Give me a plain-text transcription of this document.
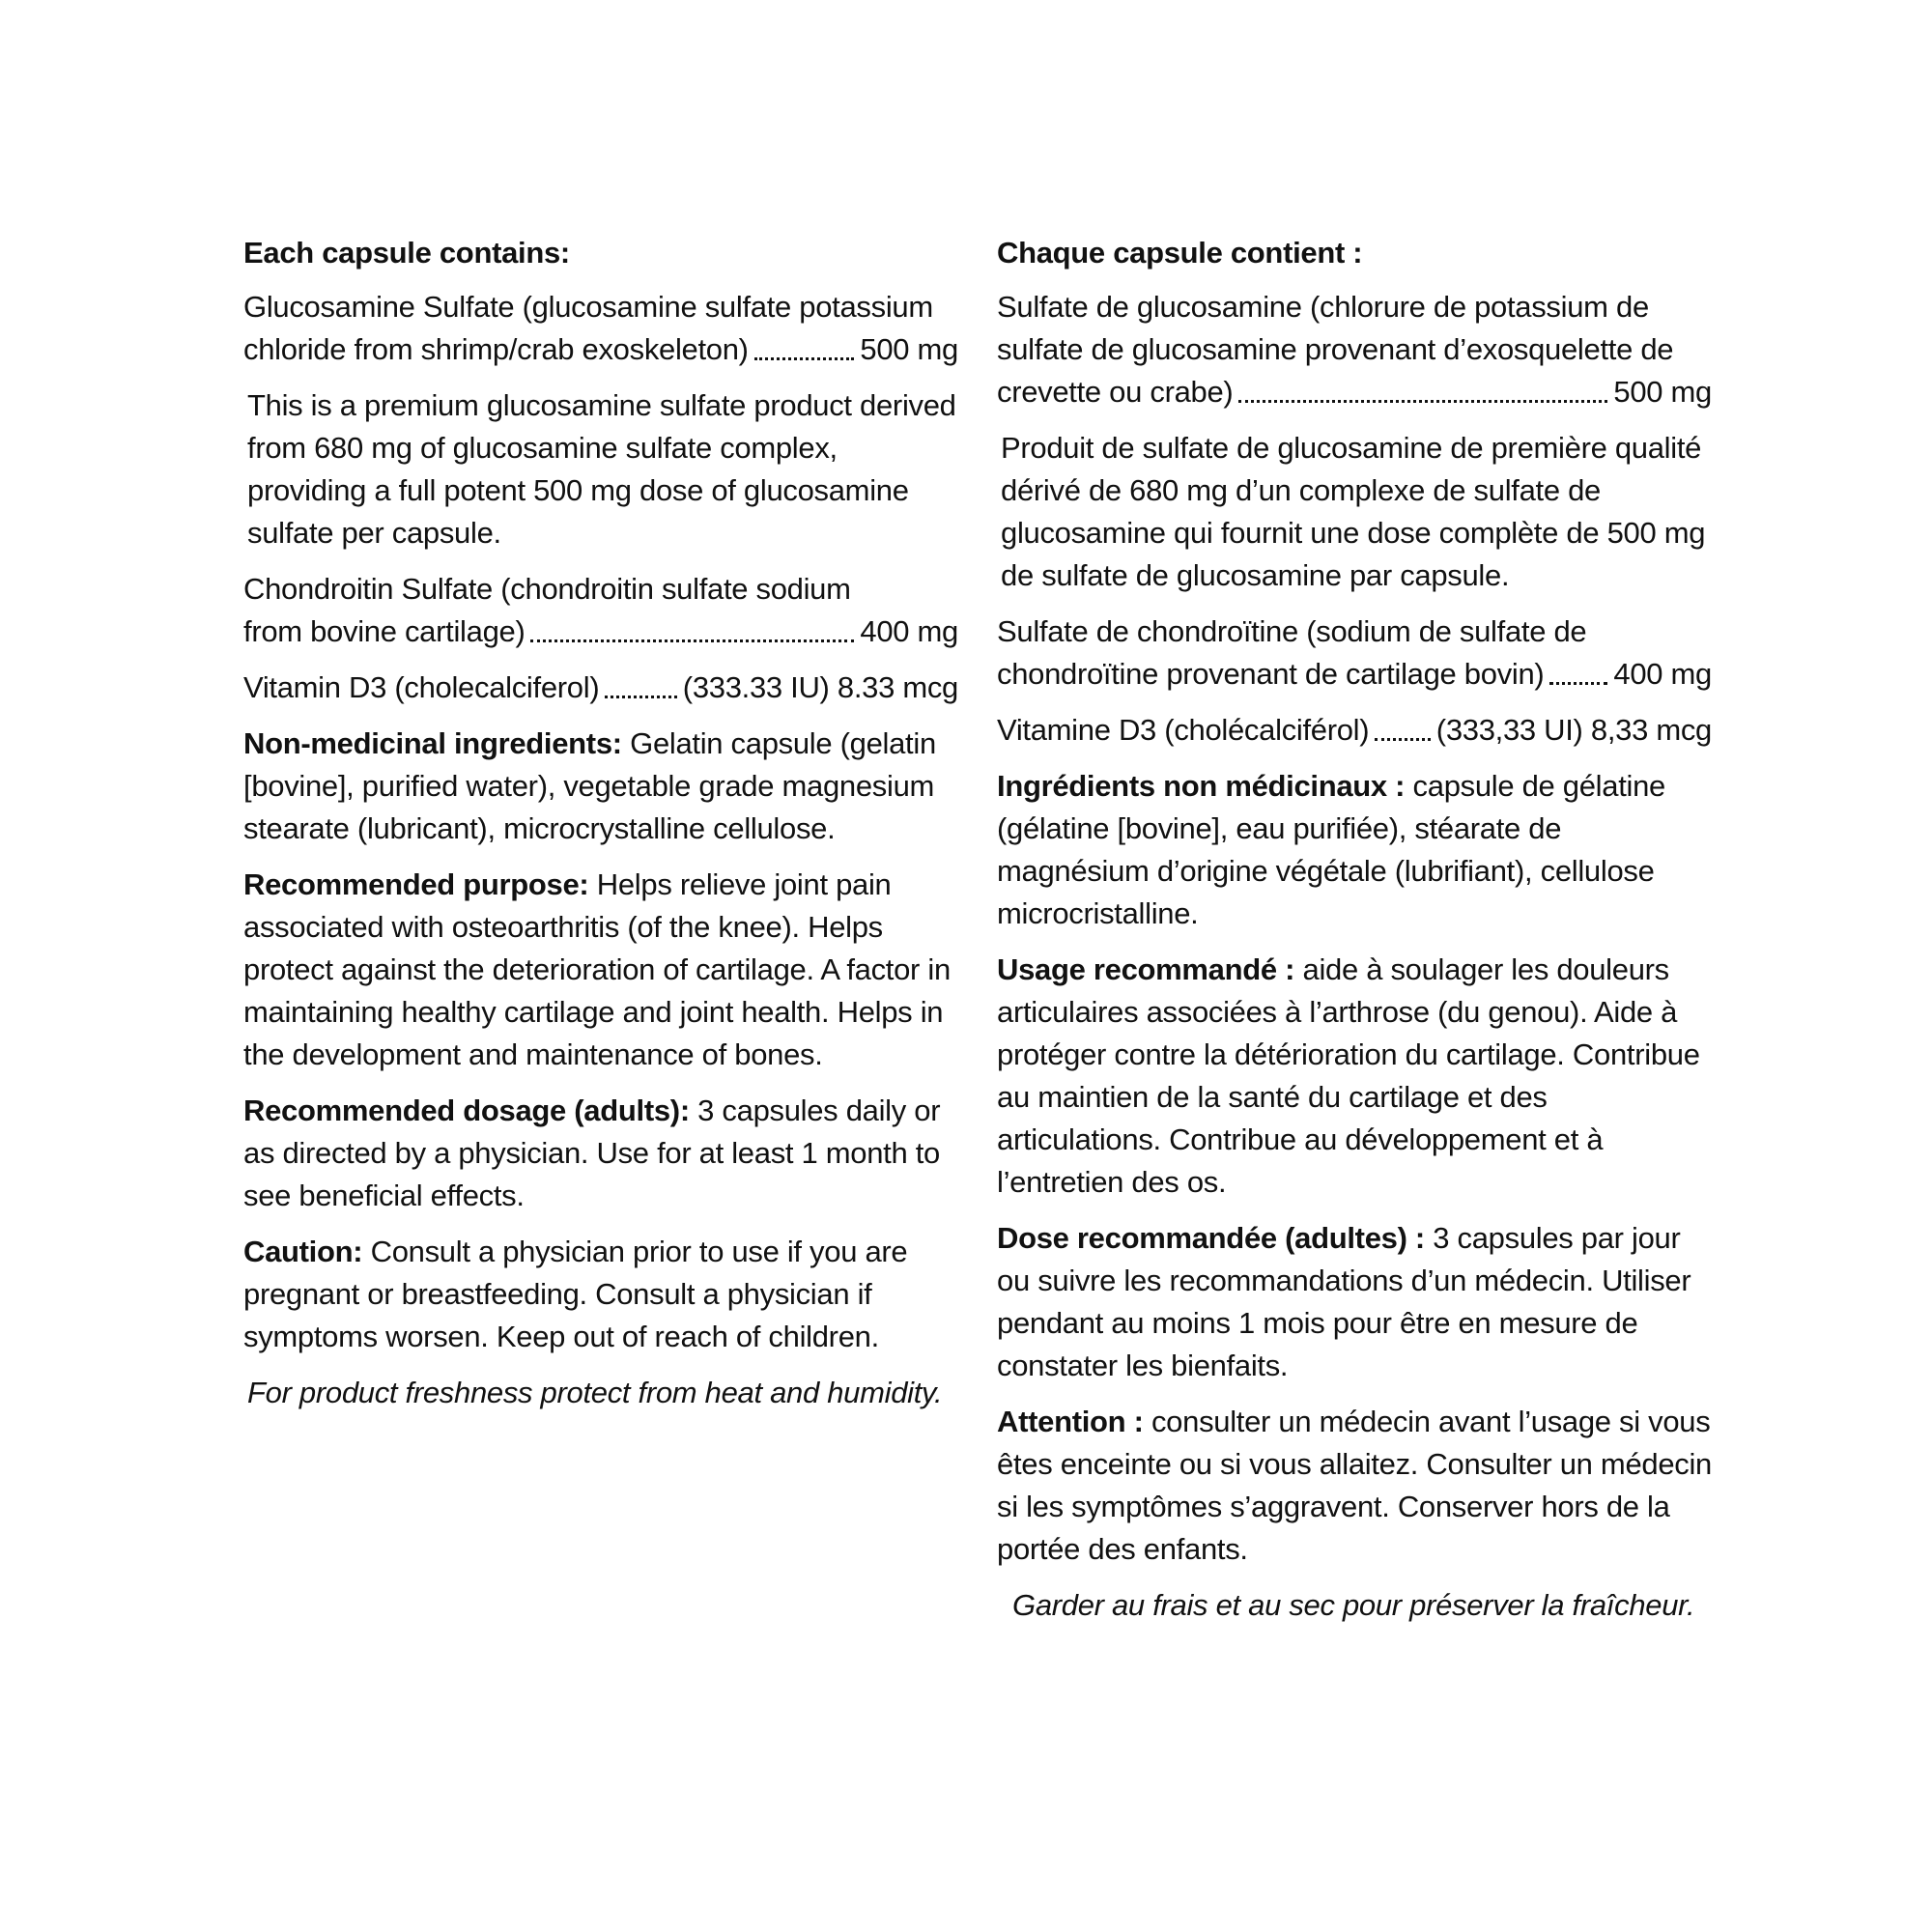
Each capsule contains:
Glucosamine Sulfate (glucosamine sulfate potassium
chloride from shrimp/crab exoskeleton)	500 mg
This is a premium glucosamine sulfate product derived from 680 mg of glucosamine sulfate complex, providing a full potent 500 mg dose of glucosamine sulfate per capsule.
Chondroitin Sulfate (chondroitin sulfate sodium
from bovine cartilage)	400 mg
Vitamin D3 (cholecalciferol)	(333.33 IU) 8.33 mcg
Non-medicinal ingredients: Gelatin capsule (gelatin [bovine], purified water), vegetable grade magnesium stearate (lubricant), microcrystalline cellulose.
Recommended purpose: Helps relieve joint pain associated with osteoarthritis (of the knee). Helps protect against the deterioration of cartilage. A factor in maintaining healthy cartilage and joint health. Helps in the development and maintenance of bones.
Recommended dosage (adults): 3 capsules daily or as directed by a physician. Use for at least 1 month to see beneficial effects.
Caution: Consult a physician prior to use if you are pregnant or breastfeeding. Consult a physician if symptoms worsen. Keep out of reach of children.
For product freshness protect from heat and humidity.
Chaque capsule contient :
Sulfate de glucosamine (chlorure de potassium de
sulfate de glucosamine provenant d’exosquelette de
crevette ou crabe)	500 mg
Produit de sulfate de glucosamine de première qualité dérivé de 680 mg d’un complexe de sulfate de glucosamine qui fournit une dose complète de 500 mg de sulfate de glucosamine par capsule.
Sulfate de chondroïtine (sodium de sulfate de
chondroïtine provenant de cartilage bovin) 400 mg
Vitamine D3 (cholécalciférol) (333,33 UI) 8,33 mcg
Ingrédients non médicinaux : capsule de gélatine (gélatine [bovine], eau purifiée), stéarate de magnésium d’origine végétale (lubrifiant), cellulose microcristalline.
Usage recommandé : aide à soulager les douleurs articulaires associées à l’arthrose (du genou). Aide à protéger contre la détérioration du cartilage. Contribue au maintien de la santé du cartilage et des articulations. Contribue au développement et à l’entretien des os.
Dose recommandée (adultes) : 3 capsules par jour ou suivre les recommandations d’un médecin. Utiliser pendant au moins 1 mois pour être en mesure de constater les bienfaits.
Attention : consulter un médecin avant l’usage si vous êtes enceinte ou si vous allaitez. Consulter un médecin si les symptômes s’aggravent. Conserver hors de la portée des enfants.
Garder au frais et au sec pour préserver la fraîcheur.
